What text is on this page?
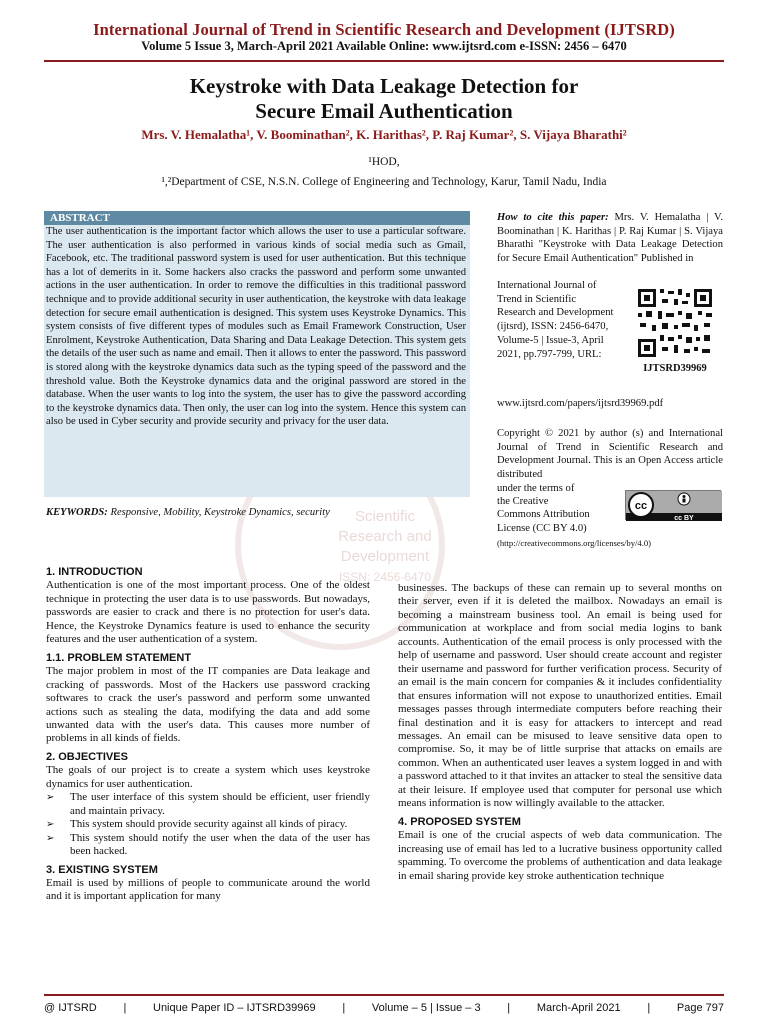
International Journal of Trend in Scientific Research and Development (IJTSRD)
Volume 5 Issue 3, March-April 2021 Available Online: www.ijtsrd.com e-ISSN: 2456 – 6470
Keystroke with Data Leakage Detection for
Secure Email Authentication
Mrs. V. Hemalatha¹, V. Boominathan², K. Harithas², P. Raj Kumar², S. Vijaya Bharathi²
¹HOD,
¹,²Department of CSE, N.S.N. College of Engineering and Technology, Karur, Tamil Nadu, India
Scientific
Research and
Development
ISSN: 2456-6470
ABSTRACT
The user authentication is the important factor which allows the user to use a particular software. The user authentication is also performed in various kinds of social media such as Gmail, Facebook, etc. The traditional password system is used for user authentication. But this technique has a lot of demerits in it. Some hackers also cracks the password and perform some unwanted actions in the user authentication. In order to remove the difficulties in this traditional password technique and to provide additional security in user authentication, the keystroke with data leakage detection for secure email authentication is designed. This system uses Keystroke Dynamics. This system consists of five different types of modules such as Email Framework Construction, User Enrolment, Keystroke Authentication, Data Sharing and Data Leakage Detection. This system gets the details of the user such as name and email. Then it allows to enter the password. This password is stored along with the keystroke dynamics data such as the typing speed of the password and the threshold value. Both the Keystroke dynamics data and the original password are stored in the database. When the user wants to log into the system, the user has to give the password according to the keystroke dynamics data. Then only, the user can log into the system. Hence this system can also be used in Cyber security and provide security and privacy for the user data.
KEYWORDS: Responsive, Mobility, Keystroke Dynamics, security
How to cite this paper: Mrs. V. Hemalatha | V. Boominathan | K. Harithas | P. Raj Kumar | S. Vijaya Bharathi "Keystroke with Data Leakage Detection for Secure Email Authentication" Published in
International Journal of Trend in Scientific Research and Development (ijtsrd), ISSN: 2456-6470, Volume-5 | Issue-3, April 2021, pp.797-799, URL:
IJTSRD39969
www.ijtsrd.com/papers/ijtsrd39969.pdf
Copyright © 2021 by author (s) and International Journal of Trend in Scientific Research and Development Journal. This is an Open Access article distributed
under the terms of
the Creative
Commons Attribution
License (CC BY 4.0)
cc
cc BY
(http://creativecommons.org/licenses/by/4.0)
1. INTRODUCTION

Authentication is one of the most important process. One of the oldest technique in protecting the user data is to use passwords. But nowadays, passwords are easier to crack and there is no protection for user's data. Hence, the Keystroke Dynamics feature is used to enhance the security features and the user authentication of a system.

1.1. PROBLEM STATEMENT

The major problem in most of the IT companies are Data leakage and cracking of passwords. Most of the Hackers use password cracking softwares to crack the user's password and perform some unwanted actions such as stealing the data, modifying the data and add some unwanted data with the user's data. This causes more number of problems in all kinds of fields.

2. OBJECTIVES

The goals of our project is to create a system which uses keystroke dynamics for user authentication.

➢ The user interface of this system should be efficient, user friendly and maintain privacy.
➢ This system should provide security against all kinds of piracy.
➢ This system should notify the user when the data of the user has been hacked.
3. EXISTING SYSTEM

Email is used by millions of people to communicate around the world and it is important application for many

businesses. The backups of these can remain up to several months on their server, even if it is deleted the mailbox. Nowadays an email is becoming a mainstream business tool. An email is being used for communication at workplace and from social media logins to bank accounts. Authentication of the email process is only processed with the help of username and password. User should create account and register their username and password for further verification process. Security of an email is the main concern for companies & it includes confidentiality that ensures information will not expose to unauthorized entities. Email messages passes through intermediate computers before reaching their final destination and it is easy for attackers to intercept and read messages. An email can be misused to leave sensitive data open to compromise. So, it may be of little surprise that attacks on emails are common. When an authenticated user leaves a system logged in and with a password attached to it that invites an attacker to steal the sensitive data at their leisure. If employee used that computer for personal use which means information is now willingly available to the attacker.

4. PROPOSED SYSTEM

Email is one of the crucial aspects of web data communication. The increasing use of email has led to a lucrative business opportunity called spamming. To overcome the problems of authentication and data leakage in email sharing provide key stroke authentication technique

@ IJTSRD | Unique Paper ID – IJTSRD39969 | Volume – 5 | Issue – 3 | March-April 2021 | Page 797
